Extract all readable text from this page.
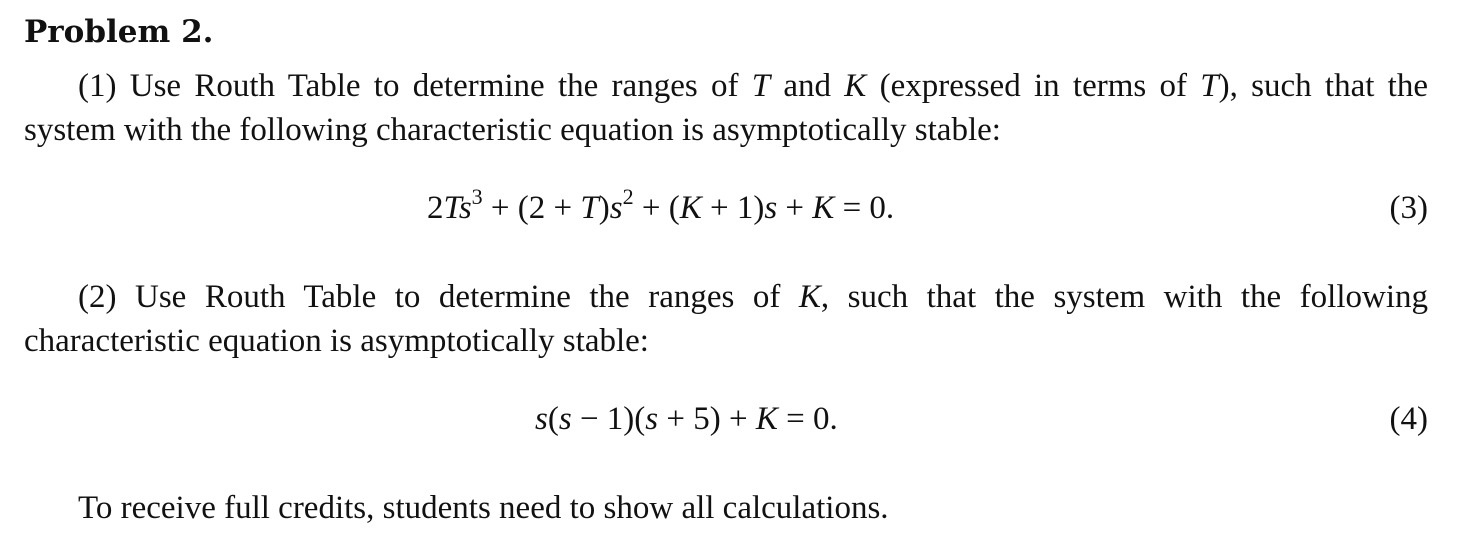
Problem 2.
(1) Use Routh Table to determine the ranges of T and K (expressed in terms of T), such that the system with the following characteristic equation is asymptotically stable:
$2Ts^3 + (2 + T)s^2 + (K + 1)s + K = 0$.	(3)
(2) Use Routh Table to determine the ranges of K, such that the system with the following characteristic equation is asymptotically stable:
s(s − 1)(s + 5) + K = 0.	(4)
To receive full credits, students need to show all calculations.
